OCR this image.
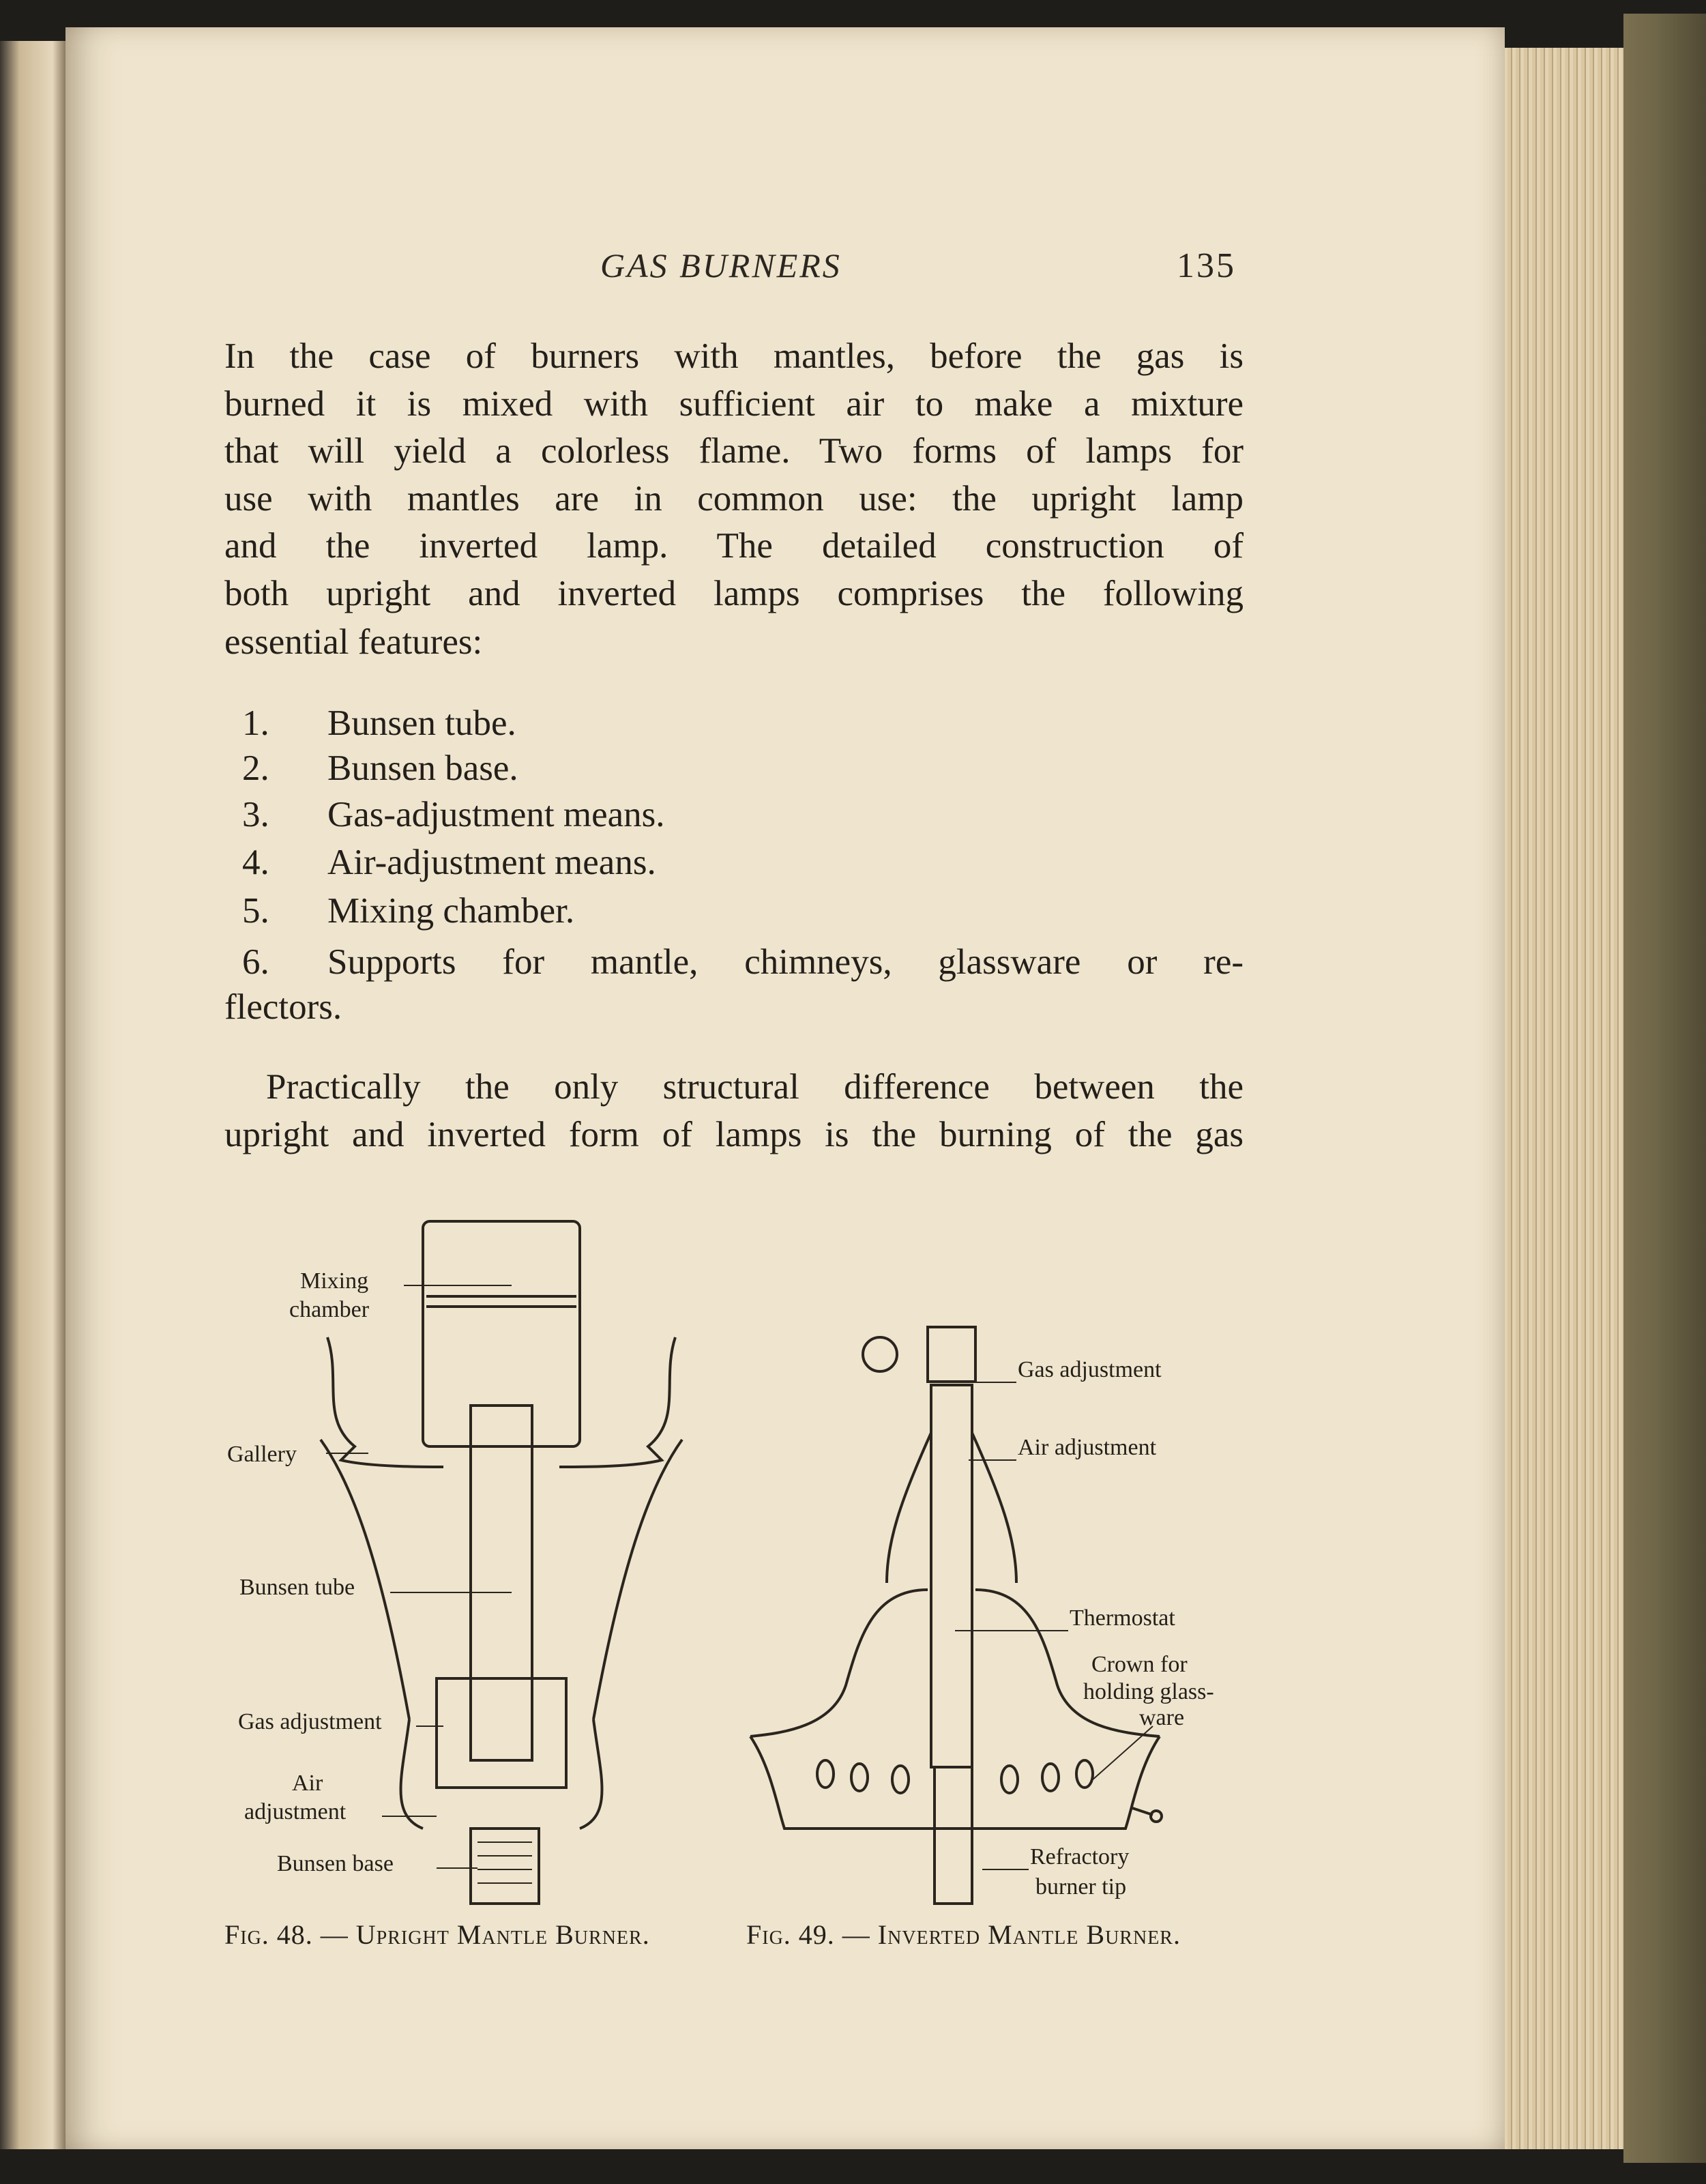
GAS BURNERS	135
In the case of burners with mantles, before the gas is
burned it is mixed with sufficient air to make a mixture
that will yield a colorless flame. Two forms of lamps for
use with mantles are in common use: the upright lamp
and the inverted lamp. The detailed construction of
both upright and inverted lamps comprises the following
essential features:
1. Bunsen tube.
2. Bunsen base.
3. Gas-adjustment means.
4. Air-adjustment means.
5. Mixing chamber.
6. Supports for mantle, chimneys, glassware or re-
flectors.
Practically the only structural difference between the
upright and inverted form of lamps is the burning of the gas
Mixing
chamber
Gallery
Bunsen tube
Gas adjustment
Air
adjustment
Bunsen base
Gas adjustment
Air adjustment
Thermostat
Crown for
holding glass-
ware
Refractory
burner tip
Fig. 48. — Upright Mantle Burner.	Fig. 49. — Inverted Mantle Burner.
